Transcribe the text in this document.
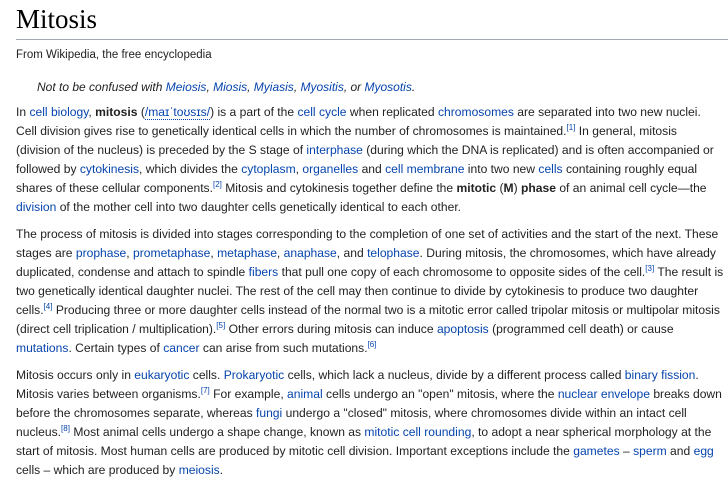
Mitosis
From Wikipedia, the free encyclopedia
Not to be confused with Meiosis, Miosis, Myiasis, Myositis, or Myosotis.

In cell biology, mitosis (/maɪˈtoʊsɪs/) is a part of the cell cycle when replicated chromosomes are separated into two new nuclei. Cell division gives rise to genetically identical cells in which the number of chromosomes is maintained.[1] In general, mitosis (division of the nucleus) is preceded by the S stage of interphase (during which the DNA is replicated) and is often accompanied or followed by cytokinesis, which divides the cytoplasm, organelles and cell membrane into two new cells containing roughly equal shares of these cellular components.[2] Mitosis and cytokinesis together define the mitotic (M) phase of an animal cell cycle—the division of the mother cell into two daughter cells genetically identical to each other.

The process of mitosis is divided into stages corresponding to the completion of one set of activities and the start of the next. These stages are prophase, prometaphase, metaphase, anaphase, and telophase. During mitosis, the chromosomes, which have already duplicated, condense and attach to spindle fibers that pull one copy of each chromosome to opposite sides of the cell.[3] The result is two genetically identical daughter nuclei. The rest of the cell may then continue to divide by cytokinesis to produce two daughter cells.[4] Producing three or more daughter cells instead of the normal two is a mitotic error called tripolar mitosis or multipolar mitosis (direct cell triplication / multiplication).[5] Other errors during mitosis can induce apoptosis (programmed cell death) or cause mutations. Certain types of cancer can arise from such mutations.[6]

Mitosis occurs only in eukaryotic cells. Prokaryotic cells, which lack a nucleus, divide by a different process called binary fission. Mitosis varies between organisms.[7] For example, animal cells undergo an "open" mitosis, where the nuclear envelope breaks down before the chromosomes separate, whereas fungi undergo a "closed" mitosis, where chromosomes divide within an intact cell nucleus.[8] Most animal cells undergo a shape change, known as mitotic cell rounding, to adopt a near spherical morphology at the start of mitosis. Most human cells are produced by mitotic cell division. Important exceptions include the gametes – sperm and egg cells – which are produced by meiosis.
